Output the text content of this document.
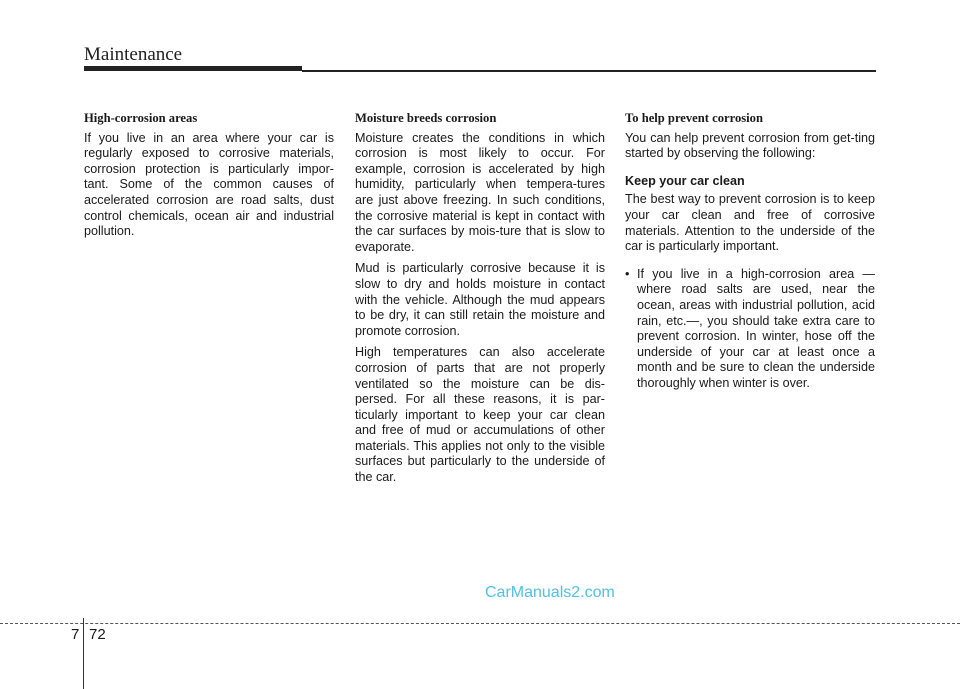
Maintenance
High-corrosion areas

If you live in an area where your car is regularly exposed to corrosive materials, corrosion protection is particularly impor-tant. Some of the common causes of accelerated corrosion are road salts, dust control chemicals, ocean air and industrial pollution.

Moisture breeds corrosion

Moisture creates the conditions in which corrosion is most likely to occur. For example, corrosion is accelerated by high humidity, particularly when tempera-tures are just above freezing. In such conditions, the corrosive material is kept in contact with the car surfaces by mois-ture that is slow to evaporate.

Mud is particularly corrosive because it is slow to dry and holds moisture in contact with the vehicle. Although the mud appears to be dry, it can still retain the moisture and promote corrosion.

High temperatures can also accelerate corrosion of parts that are not properly ventilated so the moisture can be dis-persed. For all these reasons, it is par-ticularly important to keep your car clean and free of mud or accumulations of other materials. This applies not only to the visible surfaces but particularly to the underside of the car.

To help prevent corrosion

You can help prevent corrosion from get-ting started by observing the following:

Keep your car clean

The best way to prevent corrosion is to keep your car clean and free of corrosive materials. Attention to the underside of the car is particularly important.

• If you live in a high-corrosion area — where road salts are used, near the ocean, areas with industrial pollution, acid rain, etc.—, you should take extra care to prevent corrosion. In winter, hose off the underside of your car at least once a month and be sure to clean the underside thoroughly when winter is over.
CarManuals2.com
7 72
